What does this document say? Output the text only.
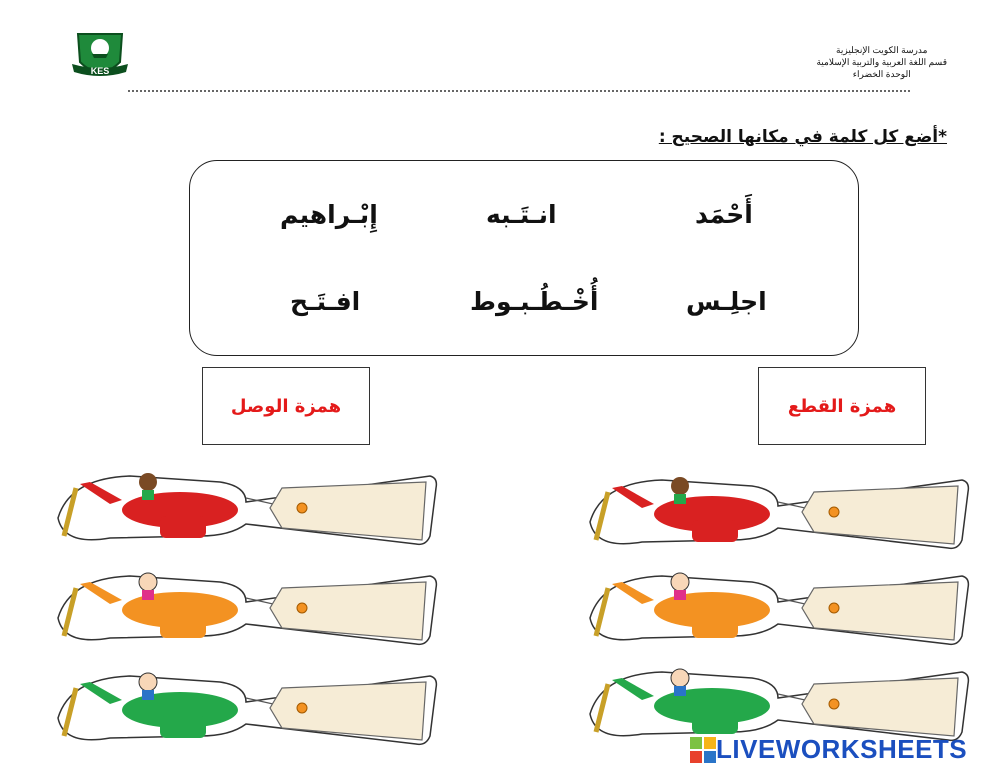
KES
مدرسة الكويت الإنجليزية
قسم اللغة العربية والتربية الإسلامية
الوحدة الخضراء
*أضع كل كلمة في مكانها الصحيح :
أَحْمَد
انـتَـبه
إِبْـراهيم
اجلِـس
أُخْـطُـبـوط
افـتَـح
همزة الوصل	همزة القطع
LIVEWORKSHEETS
